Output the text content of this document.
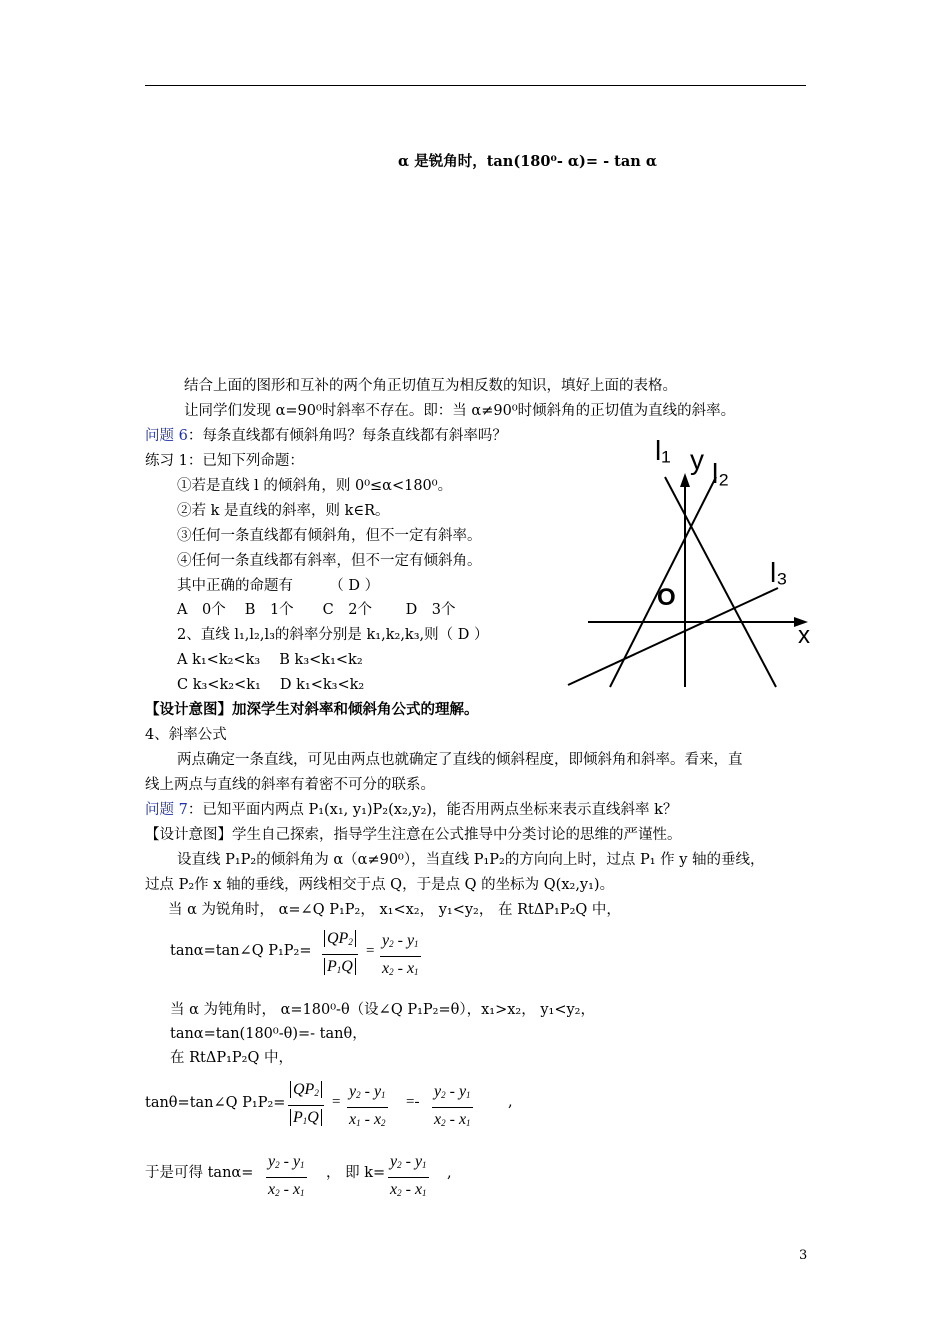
α 是锐角时，tan(180⁰- α)= - tan α
结合上面的图形和互补的两个角正切值互为相反数的知识，填好上面的表格。
让同学们发现 α=90⁰时斜率不存在。即：当 α≠90⁰时倾斜角的正切值为直线的斜率。
问题 6：每条直线都有倾斜角吗？每条直线都有斜率吗？
练习 1：已知下列命题：
①若是直线 l 的倾斜角，则 0⁰≤α<180⁰。
②若 k 是直线的斜率，则 k∈R。
③任何一条直线都有倾斜角，但不一定有斜率。
④任何一条直线都有斜率，但不一定有倾斜角。
其中正确的命题有　　　（ D ）
A　0个　 B　1个　　C　2个　　 D　3个
2、直线 l₁,l₂,l₃的斜率分别是 k₁,k₂,k₃,则（ D ）
A k₁<k₂<k₃　 B k₃<k₁<k₂
C k₃<k₂<k₁　 D k₁<k₃<k₂
l₁ y l₂
l₃
O
x
【设计意图】加深学生对斜率和倾斜角公式的理解。
4、斜率公式
两点确定一条直线，可见由两点也就确定了直线的倾斜程度，即倾斜角和斜率。看来，直
线上两点与直线的斜率有着密不可分的联系。
问题 7：已知平面内两点 P₁(x₁, y₁)P₂(x₂,y₂)，能否用两点坐标来表示直线斜率 k？
【设计意图】学生自己探索，指导学生注意在公式推导中分类讨论的思维的严谨性。
设直线 P₁P₂的倾斜角为 α（α≠90⁰），当直线 P₁P₂的方向向上时，过点 P₁ 作 y 轴的垂线，
过点 P₂作 x 轴的垂线，两线相交于点 Q，于是点 Q 的坐标为 Q(x₂,y₁)。
当 α 为锐角时， α=∠Q P₁P₂， x₁<x₂， y₁<y₂， 在 RtΔP₁P₂Q 中，
tanα=tan∠Q $P_1P_2= \frac{QP_2}{P_1Q} = \frac{y_2 - y_1}{x_2 - x_1}$
当 α 为钝角时， α=180⁰-θ（设∠Q P₁P₂=θ），x₁>x₂， y₁<y₂，
tanα=tan(180⁰-θ)=- tanθ，
在 RtΔP₁P₂Q 中，
tanθ=tan∠Q $P_1P_2= \frac{QP_2}{P_1Q} = \frac{y_2 - y_1}{x_1 - x_2} =- \frac{y_2 - y_1}{x_2 - x_1}$ ,
于是可得 $\tan\alpha= \frac{y_2 - y_1}{x_2 - x_1}$ ， 即 $k= \frac{y_2 - y_1}{x_2 - x_1}$ ,
3
